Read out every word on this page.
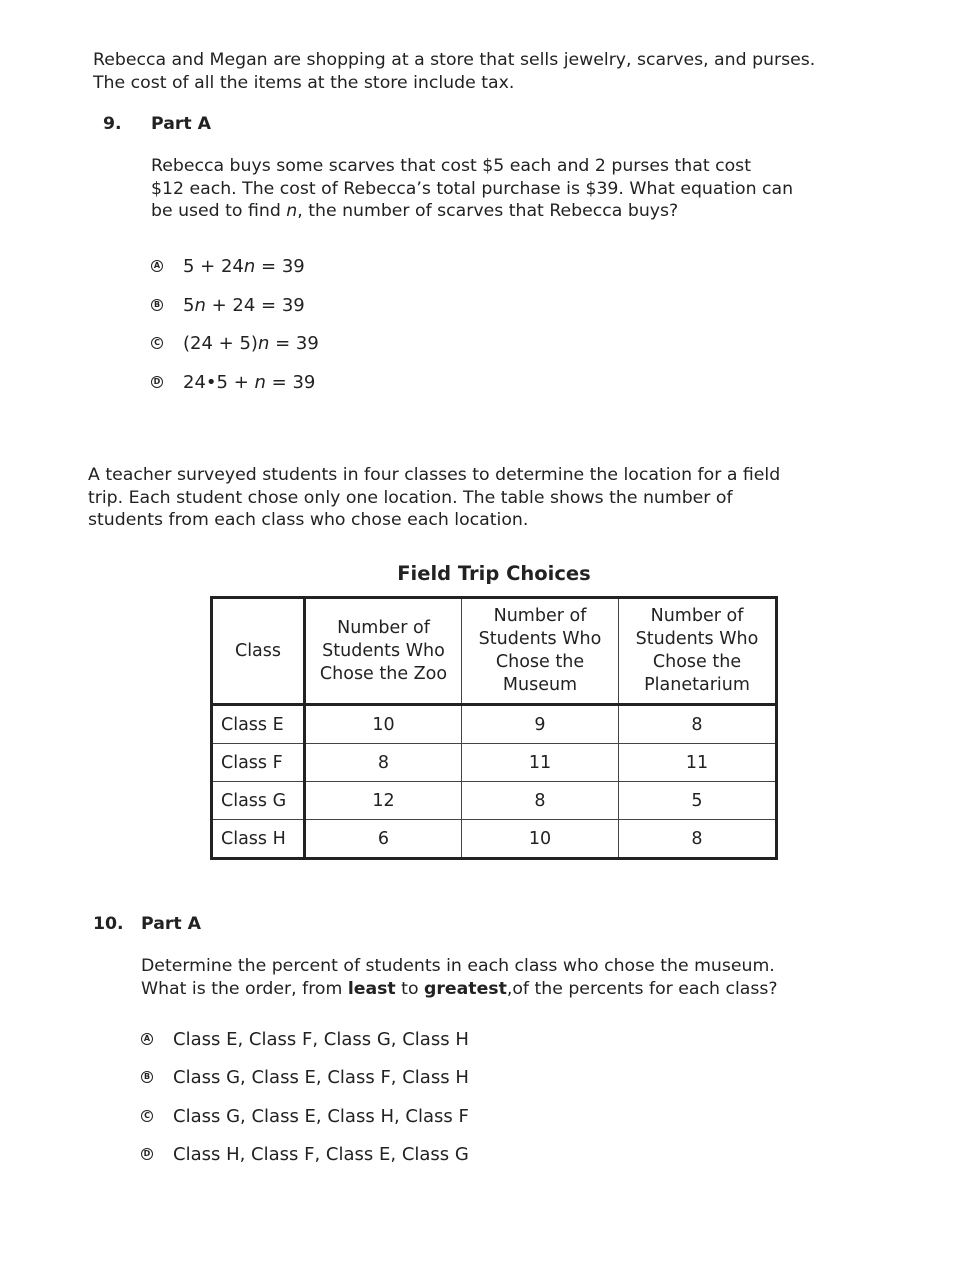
Rebecca and Megan are shopping at a store that sells jewelry, scarves, and purses.
The cost of all the items at the store include tax.
9. Part A
Rebecca buys some scarves that cost $5 each and 2 purses that cost
$12 each. The cost of Rebecca’s total purchase is $39. What equation can
be used to find n, the number of scarves that Rebecca buys?
A 5 + 24n = 39
B 5n + 24 = 39
C (24 + 5)n = 39
D 24•5 + n = 39
A teacher surveyed students in four classes to determine the location for a field
trip. Each student chose only one location. The table shows the number of
students from each class who chose each location.
Field Trip Choices
Class	Number of Students Who Chose the Zoo	Number of Students Who Chose the Museum	Number of Students Who Chose the Planetarium
Class E	10	9	8
Class F	8	11	11
Class G	12	8	5
Class H	6	10	8
10. Part A
Determine the percent of students in each class who chose the museum.
What is the order, from least to greatest,of the percents for each class?
A Class E, Class F, Class G, Class H
B Class G, Class E, Class F, Class H
C Class G, Class E, Class H, Class F
D Class H, Class F, Class E, Class G
